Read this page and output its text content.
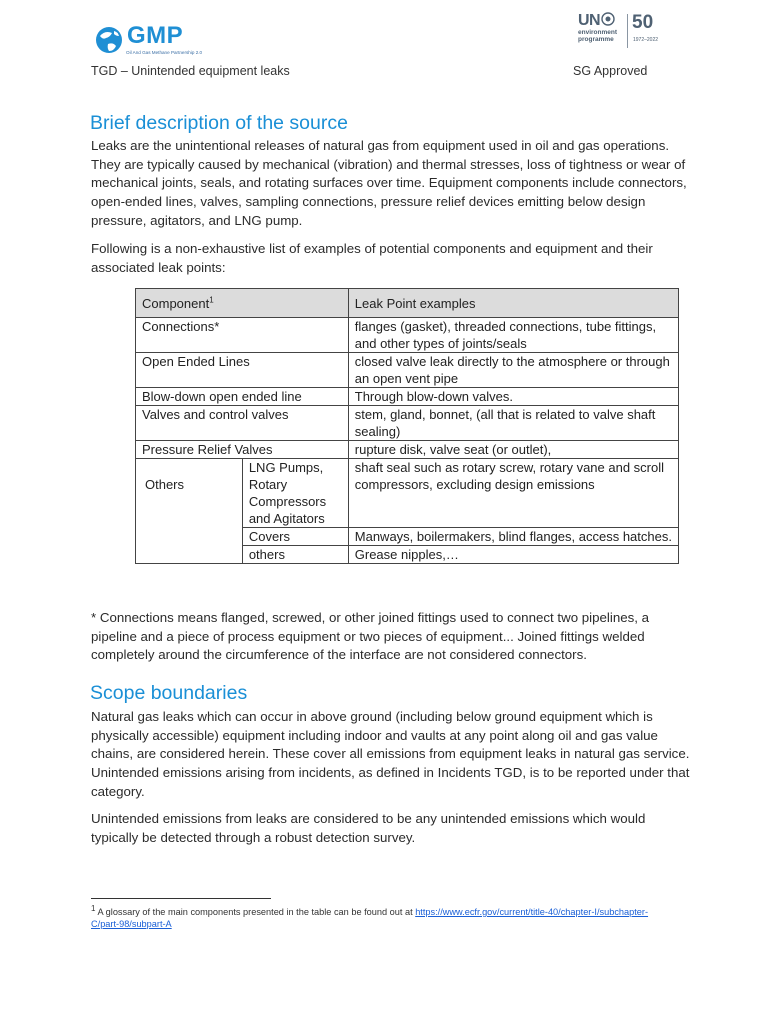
GMP
Oil And Gas Methane Partnership 2.0
UN
environment
programme
50
1972–2022
TGD – Unintended equipment leaks	SG Approved
Brief description of the source

Leaks are the unintentional releases of natural gas from equipment used in oil and gas operations. They are typically caused by mechanical (vibration) and thermal stresses, loss of tightness or wear of mechanical joints, seals, and rotating surfaces over time. Equipment components include connectors, open-ended lines, valves, sampling connections, pressure relief devices emitting below design pressure, agitators, and LNG pump.

Following is a non-exhaustive list of examples of potential components and equipment and their associated leak points:

Component$^1$		Leak Point examples
Connections*		flanges (gasket), threaded connections, tube fittings, and other types of joints/seals
Open Ended Lines		closed valve leak directly to the atmosphere or through an open vent pipe
Blow-down open ended line		Through blow-down valves.
Valves and control valves		stem, gland, bonnet, (all that is related to valve shaft sealing)
Pressure Relief Valves		rupture disk, valve seat (or outlet),
Others	LNG Pumps, Rotary Compressors and Agitators	shaft seal such as rotary screw, rotary vane and scroll compressors, excluding design emissions
	Covers	Manways, boilermakers, blind flanges, access hatches.
	others	Grease nipples,…

* Connections means flanged, screwed, or other joined fittings used to connect two pipelines, a pipeline and a piece of process equipment or two pieces of equipment... Joined fittings welded completely around the circumference of the interface are not considered connectors.

Scope boundaries

Natural gas leaks which can occur in above ground (including below ground equipment which is physically accessible) equipment including indoor and vaults at any point along oil and gas value chains, are considered herein. These cover all emissions from equipment leaks in natural gas service. Unintended emissions arising from incidents, as defined in Incidents TGD, is to be reported under that category.

Unintended emissions from leaks are considered to be any unintended emissions which would typically be detected through a robust detection survey.

1 A glossary of the main components presented in the table can be found out at https://www.ecfr.gov/current/title-40/chapter-I/subchapter-C/part-98/subpart-A
